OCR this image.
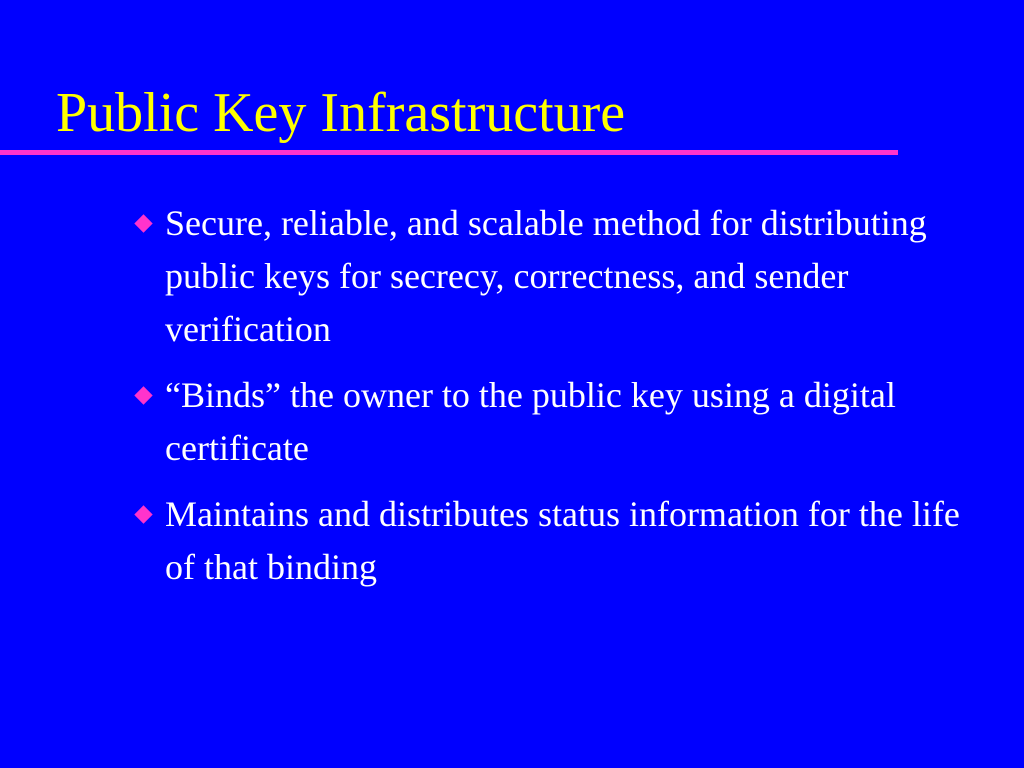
Public Key Infrastructure
Secure, reliable, and scalable method for distributing public keys for secrecy, correctness, and sender verification
“Binds” the owner to the public key using a digital certificate
Maintains and distributes status information for the life of that binding
